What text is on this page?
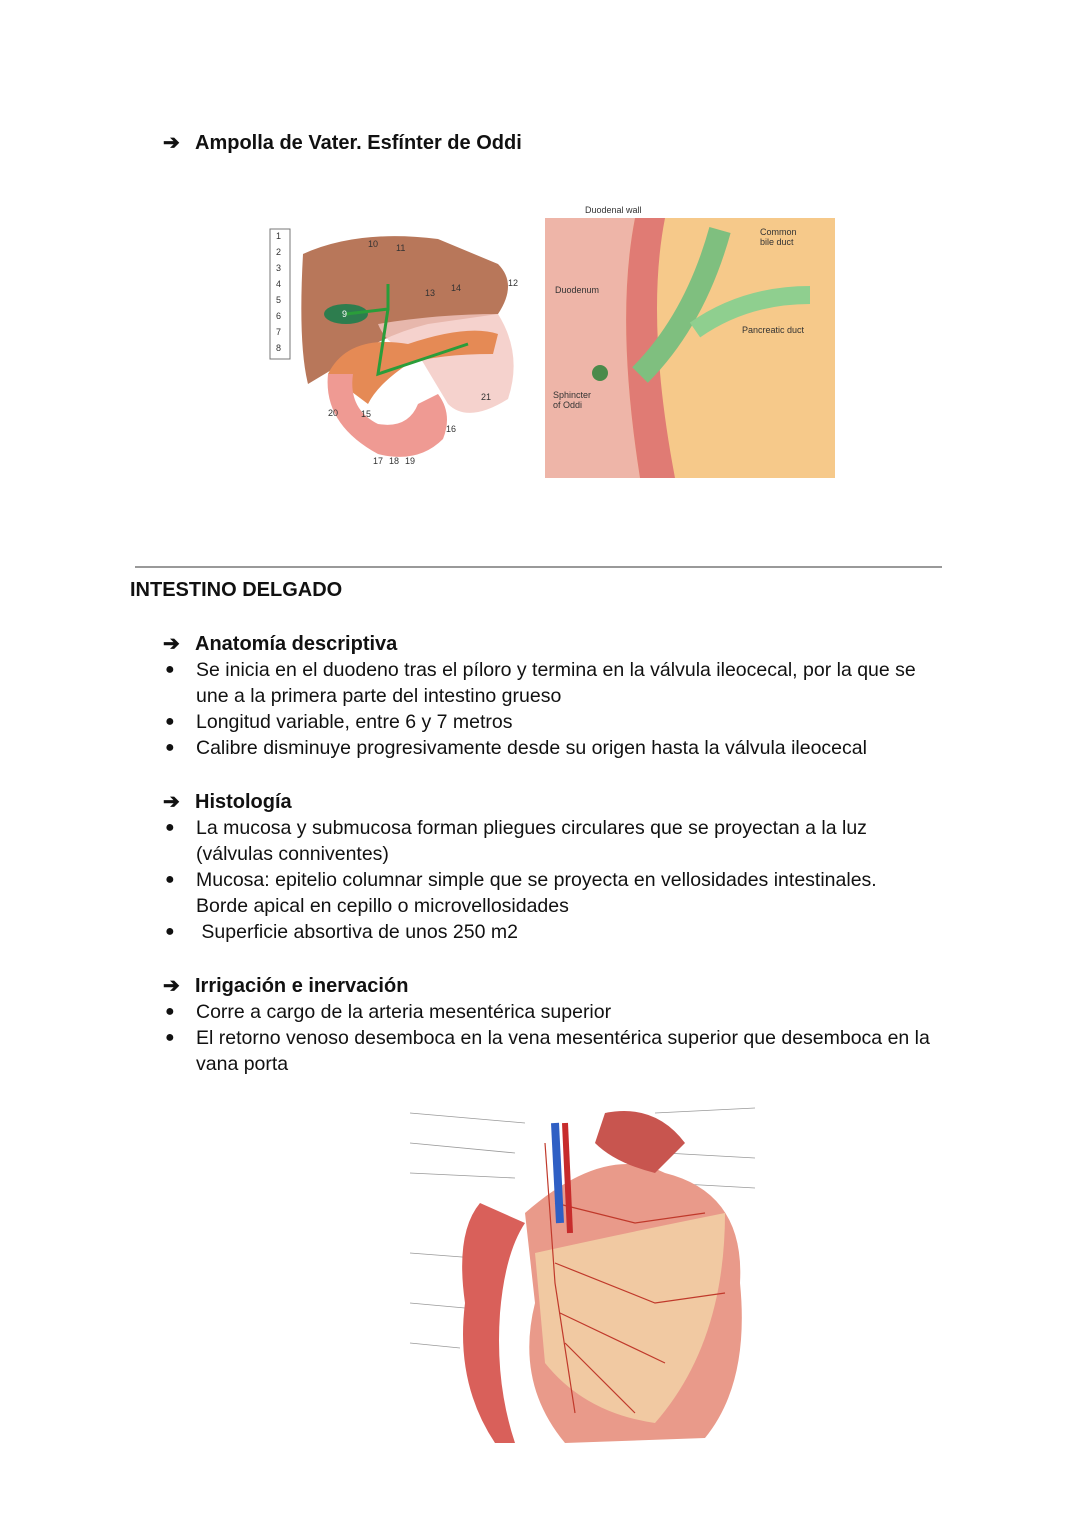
➔ Ampolla de Vater. Esfínter de Oddi
1
2
3
4
5
6
7
8
9
10 11
12
13 14
15
16
17 18 19
20
21
Duodenal wall
Common
bile duct
Duodenum
Pancreatic duct
Sphincter
of Oddi
INTESTINO DELGADO
➔ Anatomía descriptiva
● Se inicia en el duodeno tras el píloro y termina en la válvula ileocecal, por la que se
une a la primera parte del intestino grueso
● Longitud variable, entre 6 y 7 metros
● Calibre disminuye progresivamente desde su origen hasta la válvula ileocecal
➔ Histología
● La mucosa y submucosa forman pliegues circulares que se proyectan a la luz
(válvulas conniventes)
● Mucosa: epitelio columnar simple que se proyecta en vellosidades intestinales.
Borde apical en cepillo o microvellosidades
● Superficie absortiva de unos 250 m2
➔ Irrigación e inervación
● Corre a cargo de la arteria mesentérica superior
● El retorno venoso desemboca en la vena mesentérica superior que desemboca en la
vana porta
